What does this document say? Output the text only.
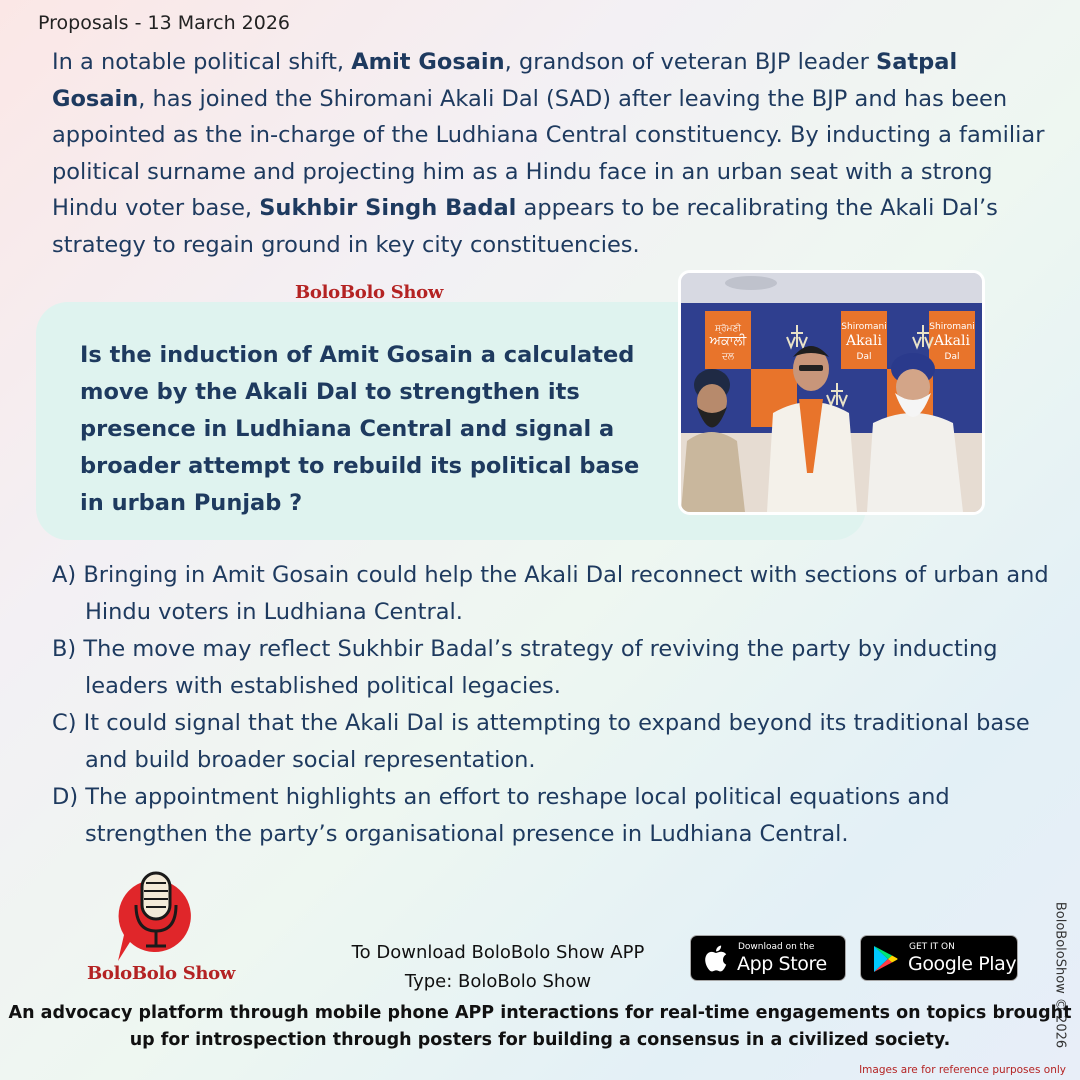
Proposals - 13 March 2026
In a notable political shift, Amit Gosain, grandson of veteran BJP leader Satpal Gosain, has joined the Shiromani Akali Dal (SAD) after leaving the BJP and has been appointed as the in-charge of the Ludhiana Central constituency. By inducting a familiar political surname and projecting him as a Hindu face in an urban seat with a strong Hindu voter base, Sukhbir Singh Badal appears to be recalibrating the Akali Dal’s strategy to regain ground in key city constituencies.
BoloBolo Show
Is the induction of Amit Gosain a calculated move by the Akali Dal to strengthen its presence in Ludhiana Central and signal a broader attempt to rebuild its political base in urban Punjab ?
ਸ਼੍ਰੋਮਣੀ
ਅਕਾਲੀ
ਦਲ
Shiromani
Akali
Dal
Shiromani
Akali
Dal
A) Bringing in Amit Gosain could help the Akali Dal reconnect with sections of urban and Hindu voters in Ludhiana Central.
B) The move may reflect Sukhbir Badal’s strategy of reviving the party by inducting leaders with established political legacies.
C) It could signal that the Akali Dal is attempting to expand beyond its traditional base and build broader social representation.
D) The appointment highlights an effort to reshape local political equations and strengthen the party’s organisational presence in Ludhiana Central.
BoloBolo Show
To Download BoloBolo Show APP
Type: BoloBolo Show
Download on the
App Store
GET IT ON
Google Play
An advocacy platform through mobile phone APP interactions for real-time engagements on topics brought up for introspection through posters for building a consensus in a civilized society.	BoloBoloShow © 2026
Images are for reference purposes only
